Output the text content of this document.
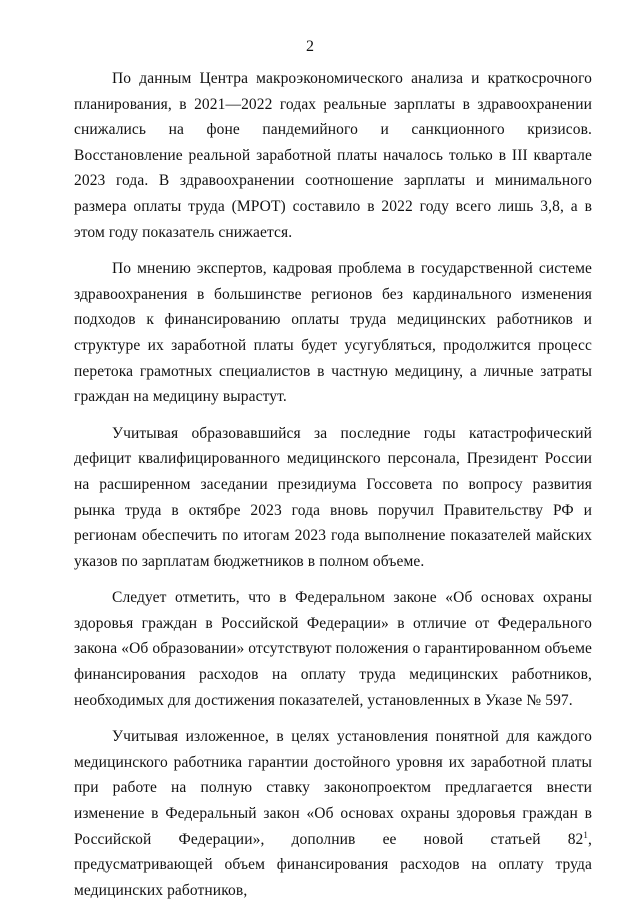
2

По данным Центра макроэкономического анализа и краткосрочного планирования, в 2021—2022 годах реальные зарплаты в здравоохранении снижались на фоне пандемийного и санкционного кризисов. Восстановление реальной заработной платы началось только в III квартале 2023 года. В здравоохранении соотношение зарплаты и минимального размера оплаты труда (МРОТ) составило в 2022 году всего лишь 3,8, а в этом году показатель снижается.

По мнению экспертов, кадровая проблема в государственной системе здравоохранения в большинстве регионов без кардинального изменения подходов к финансированию оплаты труда медицинских работников и структуре их заработной платы будет усугубляться, продолжится процесс перетока грамотных специалистов в частную медицину, а личные затраты граждан на медицину вырастут.

Учитывая образовавшийся за последние годы катастрофический дефицит квалифицированного медицинского персонала, Президент России на расширенном заседании президиума Госсовета по вопросу развития рынка труда в октябре 2023 года вновь поручил Правительству РФ и регионам обеспечить по итогам 2023 года выполнение показателей майских указов по зарплатам бюджетников в полном объеме.

Следует отметить, что в Федеральном законе «Об основах охраны здоровья граждан в Российской Федерации» в отличие от Федерального закона «Об образовании» отсутствуют положения о гарантированном объеме финансирования расходов на оплату труда медицинских работников, необходимых для достижения показателей, установленных в Указе № 597.

Учитывая изложенное, в целях установления понятной для каждого медицинского работника гарантии достойного уровня их заработной платы при работе на полную ставку законопроектом предлагается внести изменение в Федеральный закон «Об основах охраны здоровья граждан в Российской Федерации», дополнив ее новой статьей $82^1$, предусматривающей объем финансирования расходов на оплату труда медицинских работников,
